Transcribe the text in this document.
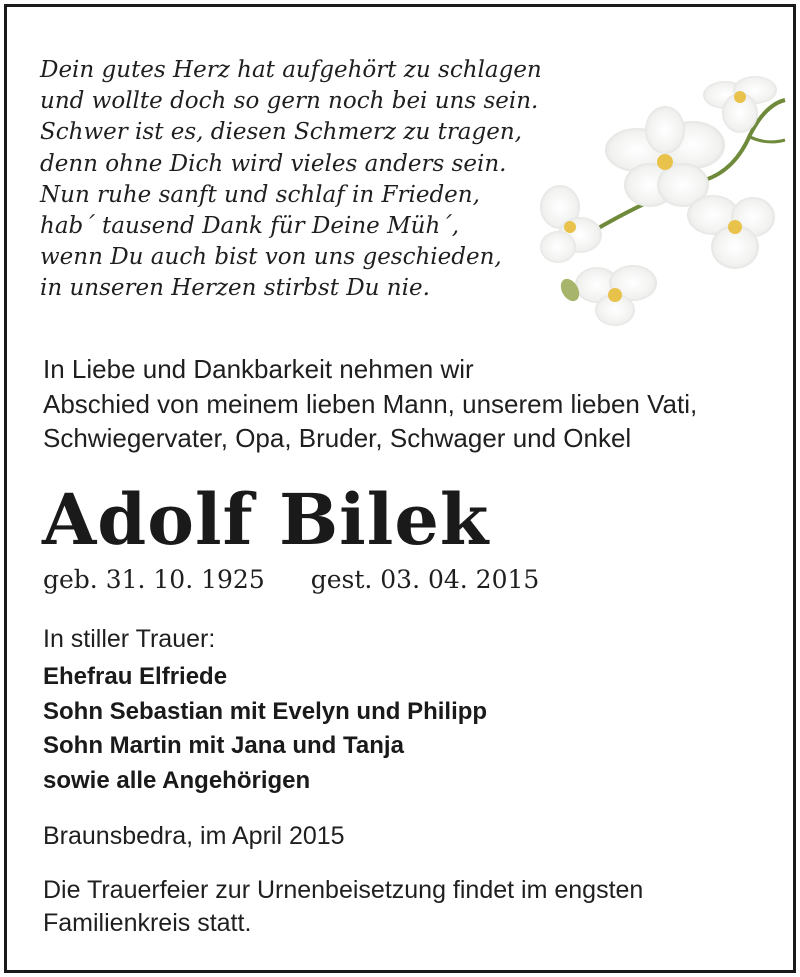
Dein gutes Herz hat aufgehört zu schlagen
und wollte doch so gern noch bei uns sein.
Schwer ist es, diesen Schmerz zu tragen,
denn ohne Dich wird vieles anders sein.
Nun ruhe sanft und schlaf in Frieden,
hab´ tausend Dank für Deine Müh´,
wenn Du auch bist von uns geschieden,
in unseren Herzen stirbst Du nie.
In Liebe und Dankbarkeit nehmen wir
Abschied von meinem lieben Mann, unserem lieben Vati,
Schwiegervater, Opa, Bruder, Schwager und Onkel
Adolf Bilek
geb. 31. 10. 1925 gest. 03. 04. 2015
In stiller Trauer:
Ehefrau Elfriede
Sohn Sebastian mit Evelyn und Philipp
Sohn Martin mit Jana und Tanja
sowie alle Angehörigen
Braunsbedra, im April 2015
Die Trauerfeier zur Urnenbeisetzung findet im engsten
Familienkreis statt.
